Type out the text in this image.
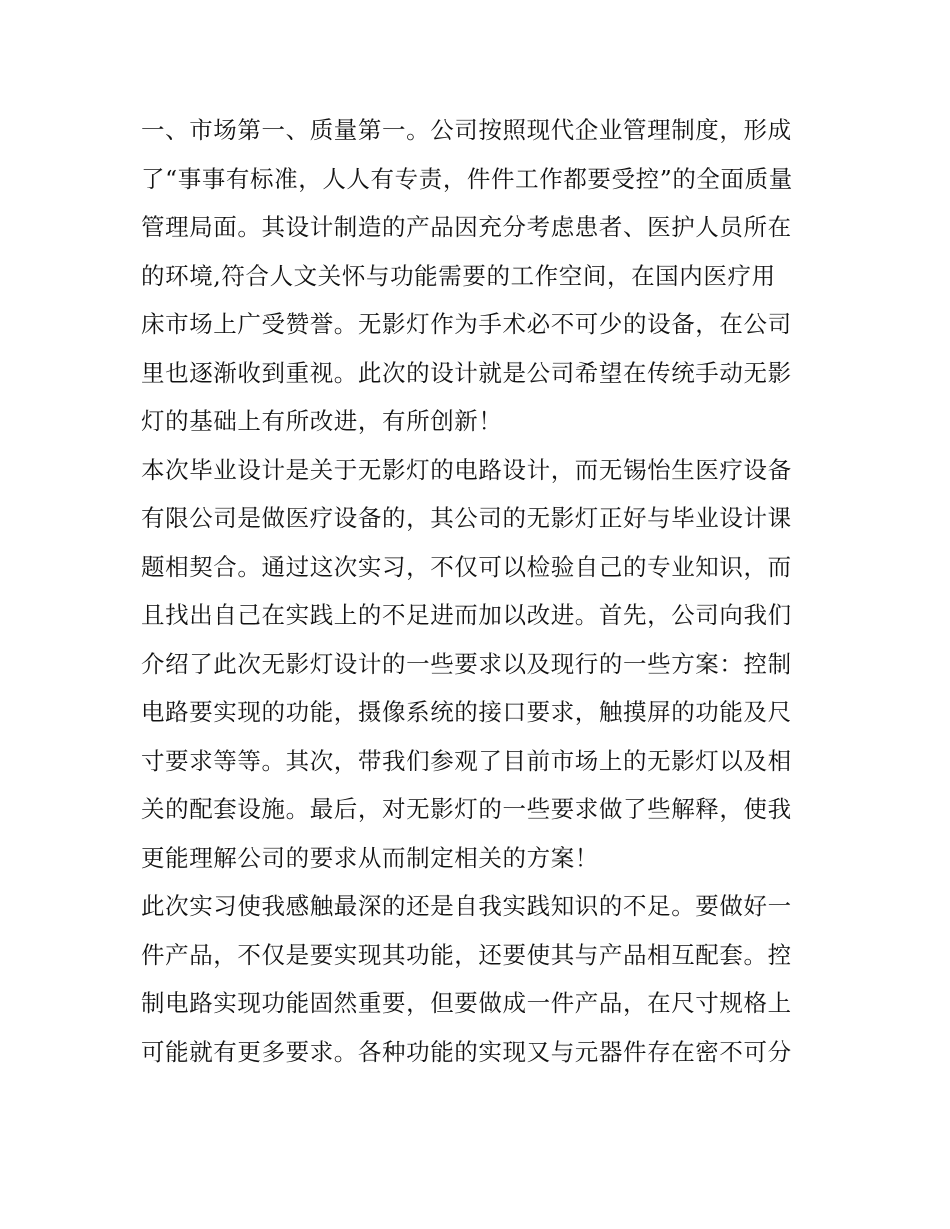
一、市场第一、质量第一。公司按照现代企业管理制度，形成
了“事事有标准，人人有专责，件件工作都要受控”的全面质量
管理局面。其设计制造的产品因充分考虑患者、医护人员所在
的环境,符合人文关怀与功能需要的工作空间，在国内医疗用
床市场上广受赞誉。无影灯作为手术必不可少的设备，在公司
里也逐渐收到重视。此次的设计就是公司希望在传统手动无影
灯的基础上有所改进，有所创新！
本次毕业设计是关于无影灯的电路设计，而无锡怡生医疗设备
有限公司是做医疗设备的，其公司的无影灯正好与毕业设计课
题相契合。通过这次实习，不仅可以检验自己的专业知识，而
且找出自己在实践上的不足进而加以改进。首先，公司向我们
介绍了此次无影灯设计的一些要求以及现行的一些方案：控制
电路要实现的功能，摄像系统的接口要求，触摸屏的功能及尺
寸要求等等。其次，带我们参观了目前市场上的无影灯以及相
关的配套设施。最后，对无影灯的一些要求做了些解释，使我
更能理解公司的要求从而制定相关的方案！
此次实习使我感触最深的还是自我实践知识的不足。要做好一
件产品，不仅是要实现其功能，还要使其与产品相互配套。控
制电路实现功能固然重要，但要做成一件产品，在尺寸规格上
可能就有更多要求。各种功能的实现又与元器件存在密不可分
